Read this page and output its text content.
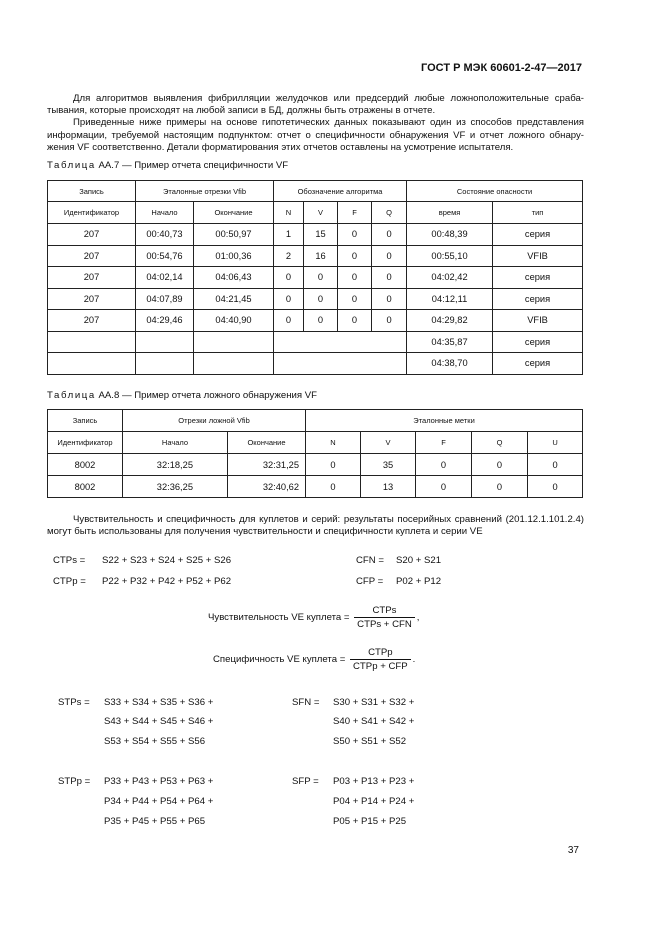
ГОСТ Р МЭК 60601-2-47—2017

Для алгоритмов выявления фибрилляции желудочков или предсердий любые ложноположительные сраба-тывания, которые происходят на любой записи в БД, должны быть отражены в отчете.

Приведенные ниже примеры на основе гипотетических данных показывают один из способов представления информации, требуемой настоящим подпунктом: отчет о специфичности обнаружения VF и отчет ложного обнару-жения VF соответственно. Детали форматирования этих отчетов оставлены на усмотрение испытателя.

Таблица АА.7 — Пример отчета специфичности VF
Запись	Эталонные отрезки Vfib		Обозначение алгоритма				Состояние опасности	
Идентификатор	Начало	Окончание	N	V	F	Q	время	тип
207	00:40,73	00:50,97	1	15	0	0	00:48,39	серия
207	00:54,76	01:00,36	2	16	0	0	00:55,10	VFIB
207	04:02,14	04:06,43	0	0	0	0	04:02,42	серия
207	04:07,89	04:21,45	0	0	0	0	04:12,11	серия
207	04:29,46	04:40,90	0	0	0	0	04:29,82	VFIB
							04:35,87	серия
							04:38,70	серия
Таблица АА.8 — Пример отчета ложного обнаружения VF
Запись	Отрезки ложной Vfib		Эталонные метки				
Идентификатор	Начало	Окончание	N	V	F	Q	U
8002	32:18,25	32:31,25	0	35	0	0	0
8002	32:36,25	32:40,62	0	13	0	0	0
Чувствительность и специфичность для куплетов и серий: результаты посерийных сравнений (201.12.1.101.2.4) могут быть использованы для получения чувствительности и специфичности куплета и серии VE
CTPs = S22 + S23 + S24 + S25 + S26	CFN = S20 + S21
CTPp = P22 + P32 + P42 + P52 + P62	CFP = P02 + P12
Чувствительность VE куплета = $\frac{\text{CTPs}}{\text{CTPs + CFN}}$ ,
Специфичность VE куплета = $\frac{\text{CTPp}}{\text{CTPp + CFP}}$ .
STPs = S33 + S34 + S35 + S36 +
S43 + S44 + S45 + S46 +
S53 + S54 + S55 + S56
SFN = S30 + S31 + S32 +
S40 + S41 + S42 +
S50 + S51 + S52
STPp = P33 + P43 + P53 + P63 +
P34 + P44 + P54 + P64 +
P35 + P45 + P55 + P65
SFP = P03 + P13 + P23 +
P04 + P14 + P24 +
P05 + P15 + P25
37
